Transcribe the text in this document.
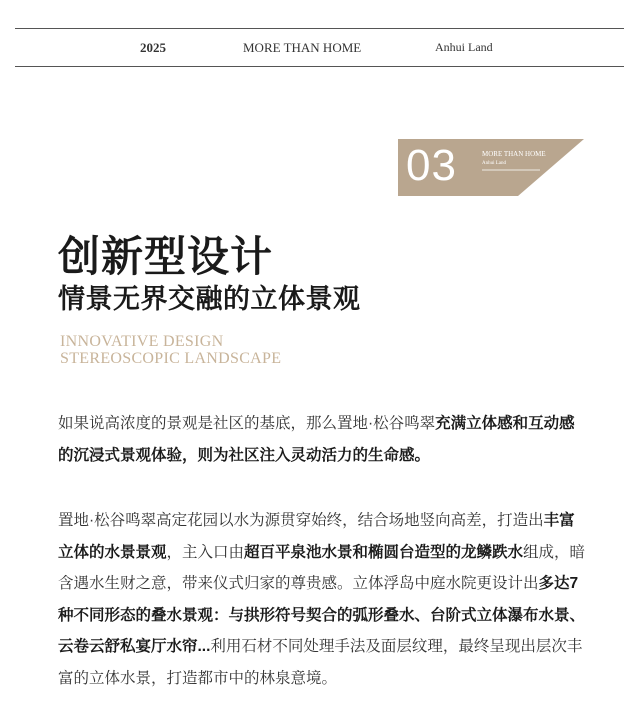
2025	MORE THAN HOME	Anhui Land
03	MORE THAN HOME
Anhui Land
创新型设计
情景无界交融的立体景观
INNOVATIVE DESIGN
STEREOSCOPIC LANDSCAPE
如果说高浓度的景观是社区的基底，那么置地·松谷鸣翠充满立体感和互动感的沉浸式景观体验，则为社区注入灵动活力的生命感。
置地·松谷鸣翠高定花园以水为源贯穿始终，结合场地竖向高差，打造出丰富立体的水景景观，主入口由超百平泉池水景和椭圆台造型的龙鳞跌水组成，暗含遇水生财之意，带来仪式归家的尊贵感。立体浮岛中庭水院更设计出多达7种不同形态的叠水景观：与拱形符号契合的弧形叠水、台阶式立体瀑布水景、云卷云舒私宴厅水帘...利用石材不同处理手法及面层纹理，最终呈现出层次丰富的立体水景，打造都市中的林泉意境。
